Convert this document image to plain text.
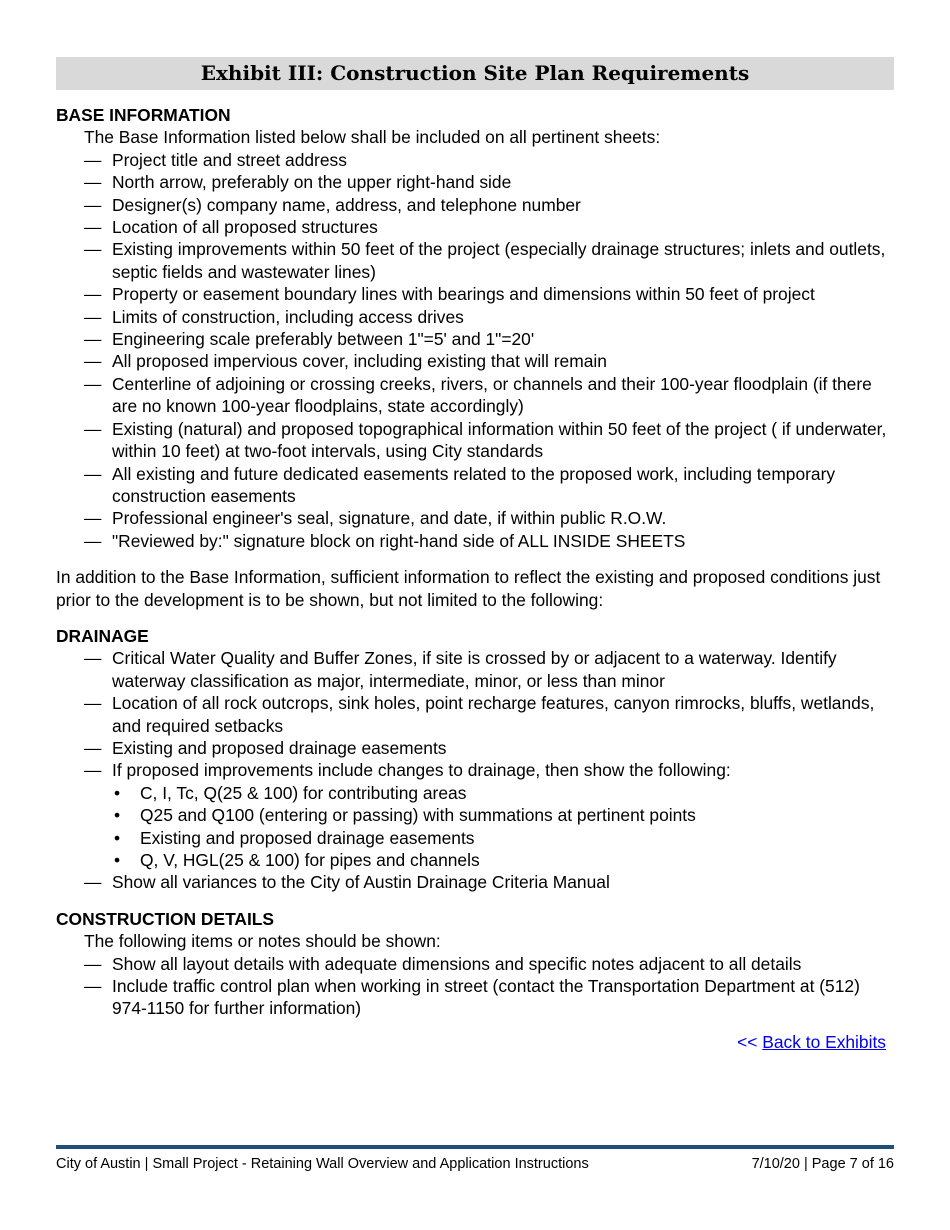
Exhibit III: Construction Site Plan Requirements
BASE INFORMATION
The Base Information listed below shall be included on all pertinent sheets:
— Project title and street address
— North arrow, preferably on the upper right-hand side
— Designer(s) company name, address, and telephone number
— Location of all proposed structures
— Existing improvements within 50 feet of the project (especially drainage structures; inlets and outlets, septic fields and wastewater lines)
— Property or easement boundary lines with bearings and dimensions within 50 feet of project
— Limits of construction, including access drives
— Engineering scale preferably between 1"=5' and 1"=20'
— All proposed impervious cover, including existing that will remain
— Centerline of adjoining or crossing creeks, rivers, or channels and their 100-year floodplain (if there are no known 100-year floodplains, state accordingly)
— Existing (natural) and proposed topographical information within 50 feet of the project ( if underwater, within 10 feet) at two-foot intervals, using City standards
— All existing and future dedicated easements related to the proposed work, including temporary construction easements
— Professional engineer's seal, signature, and date, if within public R.O.W.
— "Reviewed by:" signature block on right-hand side of ALL INSIDE SHEETS
In addition to the Base Information, sufficient information to reflect the existing and proposed conditions just prior to the development is to be shown, but not limited to the following:
DRAINAGE
— Critical Water Quality and Buffer Zones, if site is crossed by or adjacent to a waterway. Identify waterway classification as major, intermediate, minor, or less than minor
— Location of all rock outcrops, sink holes, point recharge features, canyon rimrocks, bluffs, wetlands, and required setbacks
— Existing and proposed drainage easements
— If proposed improvements include changes to drainage, then show the following:
• C, I, Tc, Q(25 & 100) for contributing areas
• Q25 and Q100 (entering or passing) with summations at pertinent points
• Existing and proposed drainage easements
• Q, V, HGL(25 & 100) for pipes and channels
— Show all variances to the City of Austin Drainage Criteria Manual
CONSTRUCTION DETAILS
The following items or notes should be shown:
— Show all layout details with adequate dimensions and specific notes adjacent to all details
— Include traffic control plan when working in street (contact the Transportation Department at (512) 974-1150 for further information)
<< Back to Exhibits
City of Austin | Small Project - Retaining Wall Overview and Application Instructions	7/10/20 | Page 7 of 16
